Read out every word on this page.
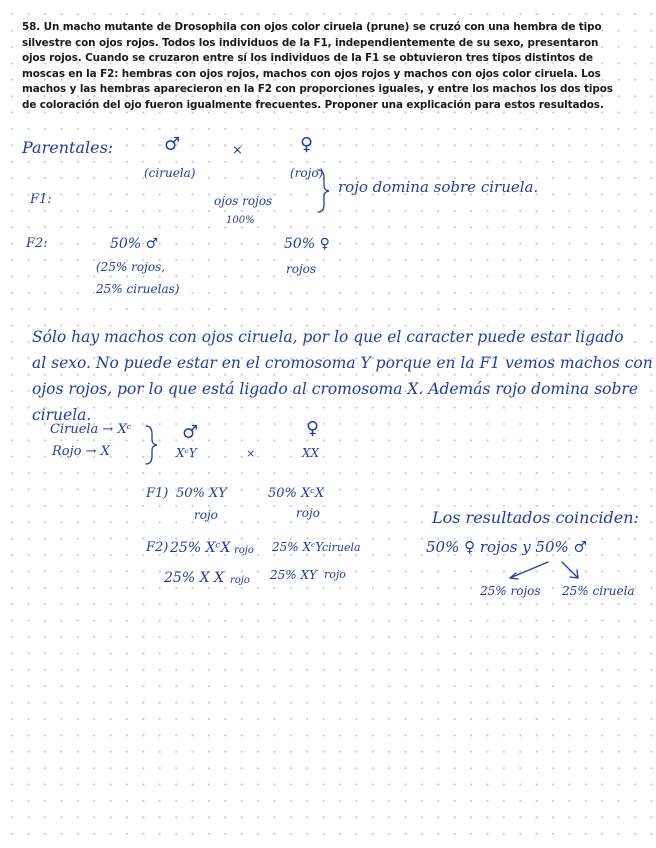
58. Un macho mutante de Drosophila con ojos color ciruela (prune) se cruzó con una hembra de tipo
silvestre con ojos rojos. Todos los individuos de la F1, independientemente de su sexo, presentaron
ojos rojos. Cuando se cruzaron entre sí los individuos de la F1 se obtuvieron tres tipos distintos de
moscas en la F2: hembras con ojos rojos, machos con ojos rojos y machos con ojos color ciruela. Los
machos y las hembras aparecieron en la F2 con proporciones iguales, y entre los machos los dos tipos
de coloración del ojo fueron igualmente frecuentes. Proponer una explicación para estos resultados.
Parentales:	♂	×	♀
(ciruela)	(rojo)
rojo domina sobre ciruela.
F1:	ojos rojos
100%
F2:	50% ♂
(25% rojos,
25% ciruelas)
50% ♀
rojos
Sólo hay machos con ojos ciruela, por lo que el caracter puede estar ligado
al sexo. No puede estar en el cromosoma Y porque en la F1 vemos machos con
ojos rojos, por lo que está ligado al cromosoma X. Además rojo domina sobre
ciruela.
Ciruela → Xᶜ
Rojo → X
♂
XᶜY	×
♀
XX
F1) 50% XY
rojo
50% XᶜX
rojo
F2) 25% XᶜX rojo 25% XᶜY
ciruela
25% X X rojo 25% XY rojo
Los resultados coinciden:
50% ♀ rojos y 50% ♂
25% rojos 25% ciruela
